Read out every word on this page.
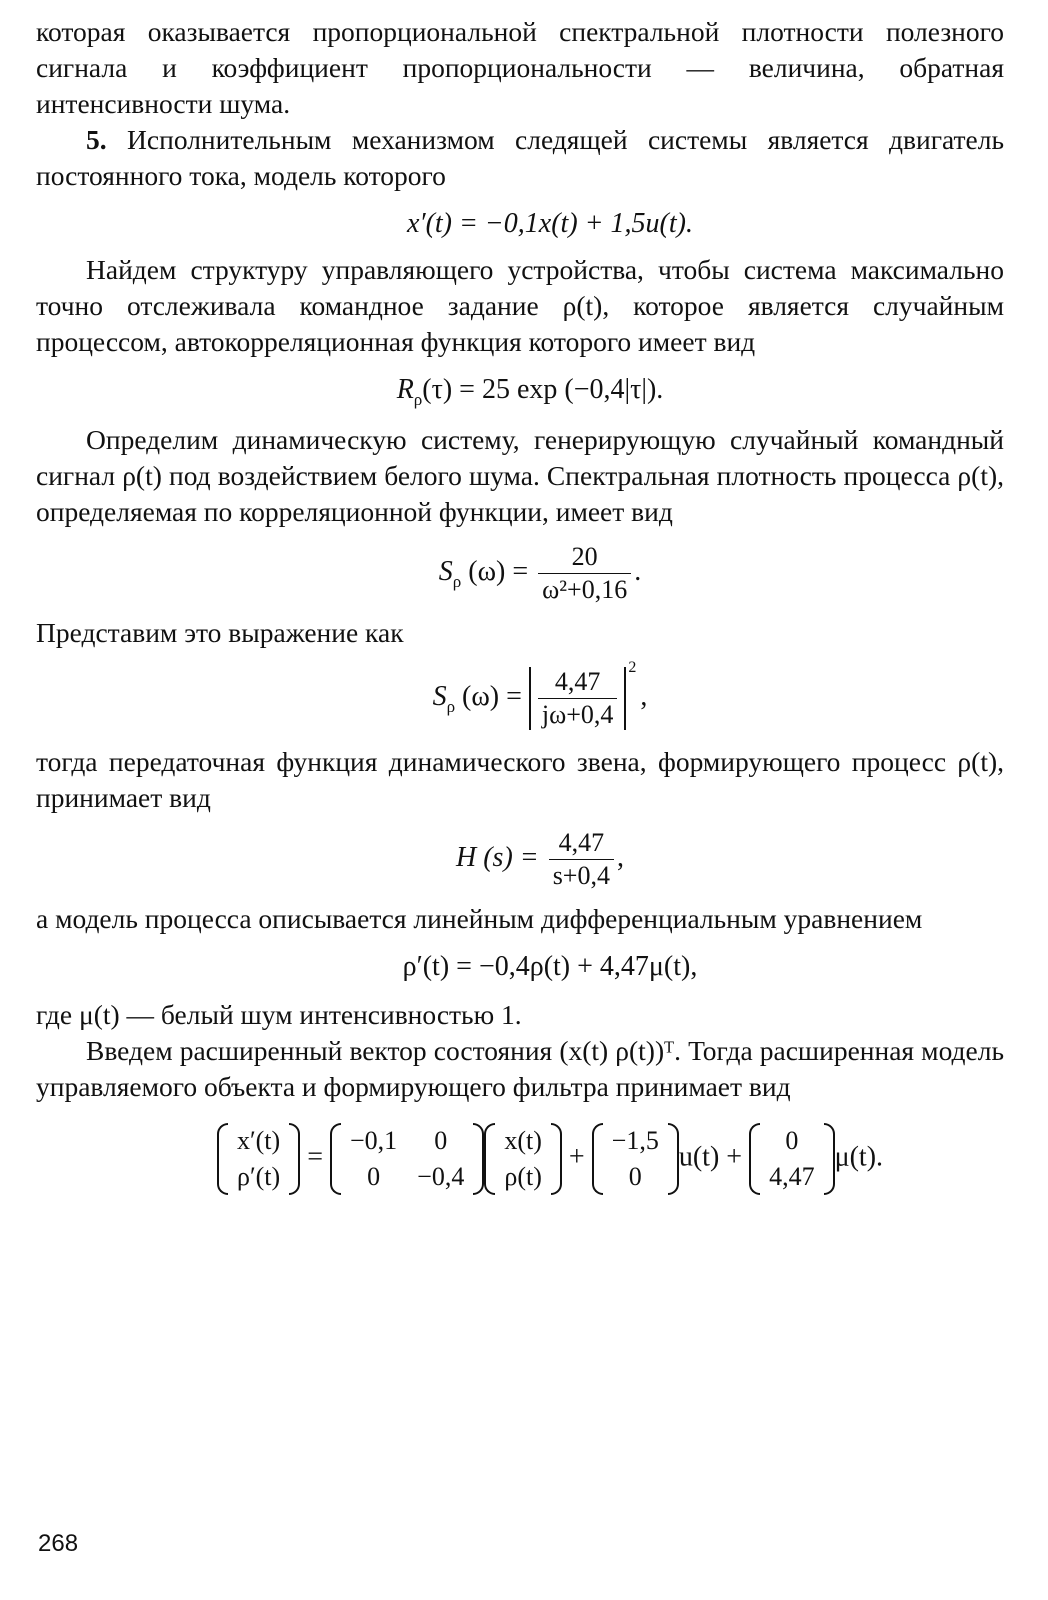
которая оказывается пропорциональной спектральной плотности полезного сигнала и коэффициент пропорциональности — величина, обратная интенсивности шума.

5. Исполнительным механизмом следящей системы является двигатель постоянного тока, модель которого

x′(t) = −0,1x(t) + 1,5u(t).

Найдем структуру управляющего устройства, чтобы система максимально точно отслеживала командное задание ρ(t), которое является случайным процессом, автокорреляционная функция которого имеет вид

$R_\rho(\tau) = 25$ exp (−0,4|τ|).

Определим динамическую систему, генерирующую случайный командный сигнал ρ(t) под воздействием белого шума. Спектральная плотность процесса ρ(t), определяемая по корреляционной функции, имеет вид

$S_\rho$ $(\omega) = \frac{20}{\text{ω²+0,16}}$ .

Представим это выражение как

$S_\rho$ $(\omega) = \frac{4,47}{j\omega+0,4} 2$
,

тогда передаточная функция динамического звена, формирующего процесс ρ(t), принимает вид

H $(s) = \frac{4,47}{s+0,4}$ ,

а модель процесса описывается линейным дифференциальным уравнением

ρ′(t) = −0,4ρ(t) + 4,47μ(t),

где μ(t) — белый шум интенсивностью 1.

Введем расширенный вектор состояния (x(t) ρ(t))ᵀ. Тогда расширенная модель управляемого объекта и формирующего фильтра принимает вид

x′(t)
ρ′(t)
=
−0,1	0
0	−0,4
x(t)
ρ(t)
+
−1,5
0
u(t) +
0
4,47
μ(t).
268
